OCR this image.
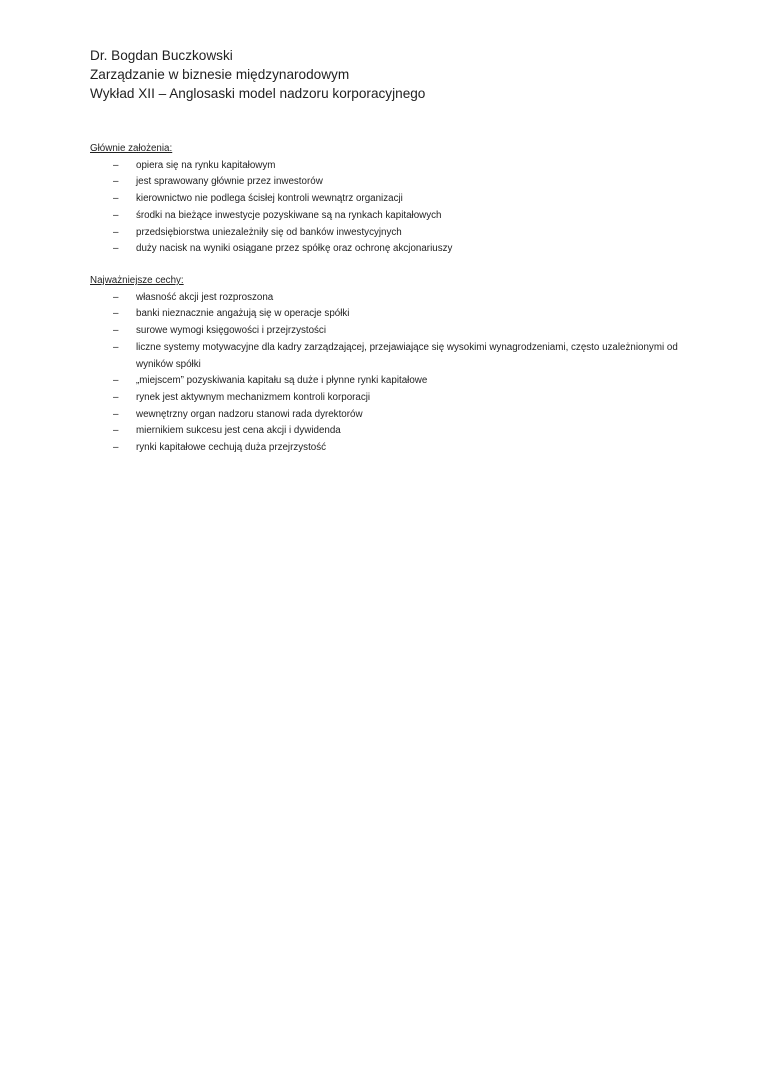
Dr. Bogdan Buczkowski
Zarządzanie w biznesie międzynarodowym
Wykład XII – Anglosaski model nadzoru korporacyjnego
Głównie założenia:
– opiera się na rynku kapitałowym
– jest sprawowany głównie przez inwestorów
– kierownictwo nie podlega ścisłej kontroli wewnątrz organizacji
– środki na bieżące inwestycje pozyskiwane są na rynkach kapitałowych
– przedsiębiorstwa uniezależniły się od banków inwestycyjnych
– duży nacisk na wyniki osiągane przez spółkę oraz ochronę akcjonariuszy
Najważniejsze cechy:
– własność akcji jest rozproszona
– banki nieznacznie angażują się w operacje spółki
– surowe wymogi księgowości i przejrzystości
– liczne systemy motywacyjne dla kadry zarządzającej, przejawiające się wysokimi wynagrodzeniami, często uzależnionymi od wyników spółki
– „miejscem” pozyskiwania kapitału są duże i płynne rynki kapitałowe
– rynek jest aktywnym mechanizmem kontroli korporacji
– wewnętrzny organ nadzoru stanowi rada dyrektorów
– miernikiem sukcesu jest cena akcji i dywidenda
– rynki kapitałowe cechują duża przejrzystość
